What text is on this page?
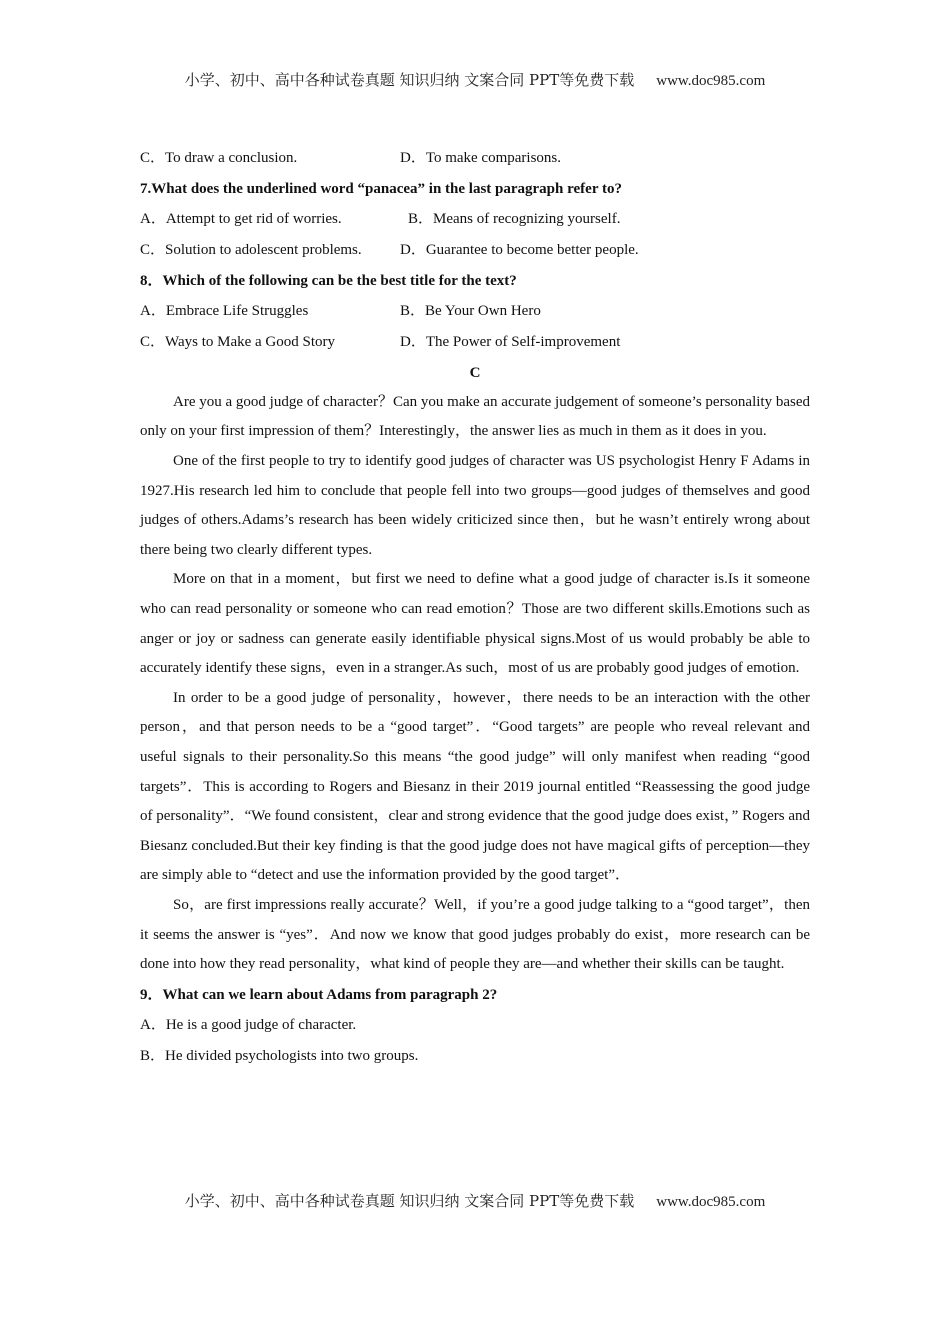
小学、初中、高中各种试卷真题 知识归纳 文案合同 PPT等免费下载 www.doc985.com
C．To draw a conclusion.	D．To make comparisons.
7.What does the underlined word “panacea” in the last paragraph refer to?
A．Attempt to get rid of worries.	B．Means of recognizing yourself.
C．Solution to adolescent problems.	D．Guarantee to become better people.
8．Which of the following can be the best title for the text?
A．Embrace Life Struggles	B．Be Your Own Hero
C．Ways to Make a Good Story	D．The Power of Self-improvement
C

Are you a good judge of character？Can you make an accurate judgement of someone’s personality based only on your first impression of them？Interestingly，the answer lies as much in them as it does in you.

One of the first people to try to identify good judges of character was US psychologist Henry F Adams in 1927.His research led him to conclude that people fell into two groups—good judges of themselves and good judges of others.Adams’s research has been widely criticized since then，but he wasn’t entirely wrong about there being two clearly different types.

More on that in a moment，but first we need to define what a good judge of character is.Is it someone who can read personality or someone who can read emotion？Those are two different skills.Emotions such as anger or joy or sadness can generate easily identifiable physical signs.Most of us would probably be able to accurately identify these signs，even in a stranger.As such，most of us are probably good judges of emotion.

In order to be a good judge of personality，however，there needs to be an interaction with the other person，and that person needs to be a “good target”．“Good targets” are people who reveal relevant and useful signals to their personality.So this means “the good judge” will only manifest when reading “good targets”．This is according to Rogers and Biesanz in their 2019 journal entitled “Reassessing the good judge of personality”．“We found consistent，clear and strong evidence that the good judge does exist，” Rogers and Biesanz concluded.But their key finding is that the good judge does not have magical gifts of perception—they are simply able to “detect and use the information provided by the good target”．

So，are first impressions really accurate？Well，if you’re a good judge talking to a “good target”，then it seems the answer is “yes”．And now we know that good judges probably do exist，more research can be done into how they read personality，what kind of people they are—and whether their skills can be taught.

9．What can we learn about Adams from paragraph 2?
A．He is a good judge of character.
B．He divided psychologists into two groups.
小学、初中、高中各种试卷真题 知识归纳 文案合同 PPT等免费下载 www.doc985.com
